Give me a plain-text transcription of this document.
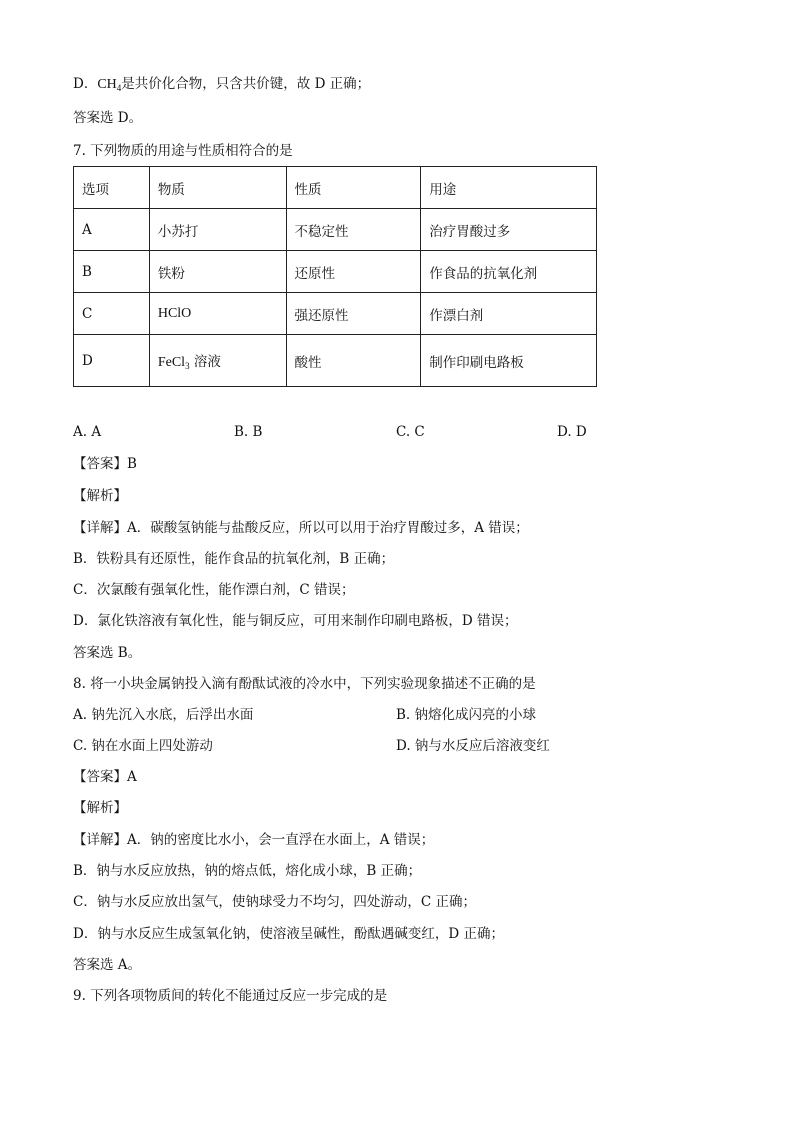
D．$CH_4$是共价化合物，只含共价键，故 D 正确；
答案选 D。
7. 下列物质的用途与性质相符合的是
选项	物质	性质	用途
A	小苏打	不稳定性	治疗胃酸过多
B	铁粉	还原性	作食品的抗氧化剂
C	HClO	强还原性	作漂白剂
D	FeCl$_3$ 溶液	酸性	制作印刷电路板
A. A	B. B	C. C	D. D
【答案】B
【解析】
【详解】A．碳酸氢钠能与盐酸反应，所以可以用于治疗胃酸过多，A 错误；
B．铁粉具有还原性，能作食品的抗氧化剂，B 正确；
C．次氯酸有强氧化性，能作漂白剂，C 错误；
D．氯化铁溶液有氧化性，能与铜反应，可用来制作印刷电路板，D 错误；
答案选 B。
8. 将一小块金属钠投入滴有酚酞试液的冷水中，下列实验现象描述不正确的是
A. 钠先沉入水底，后浮出水面	B. 钠熔化成闪亮的小球
C. 钠在水面上四处游动	D. 钠与水反应后溶液变红
【答案】A
【解析】
【详解】A．钠的密度比水小，会一直浮在水面上，A 错误；
B．钠与水反应放热，钠的熔点低，熔化成小球，B 正确；
C．钠与水反应放出氢气，使钠球受力不均匀，四处游动，C 正确；
D．钠与水反应生成氢氧化钠，使溶液呈碱性，酚酞遇碱变红，D 正确；
答案选 A。
9. 下列各项物质间的转化不能通过反应一步完成的是
